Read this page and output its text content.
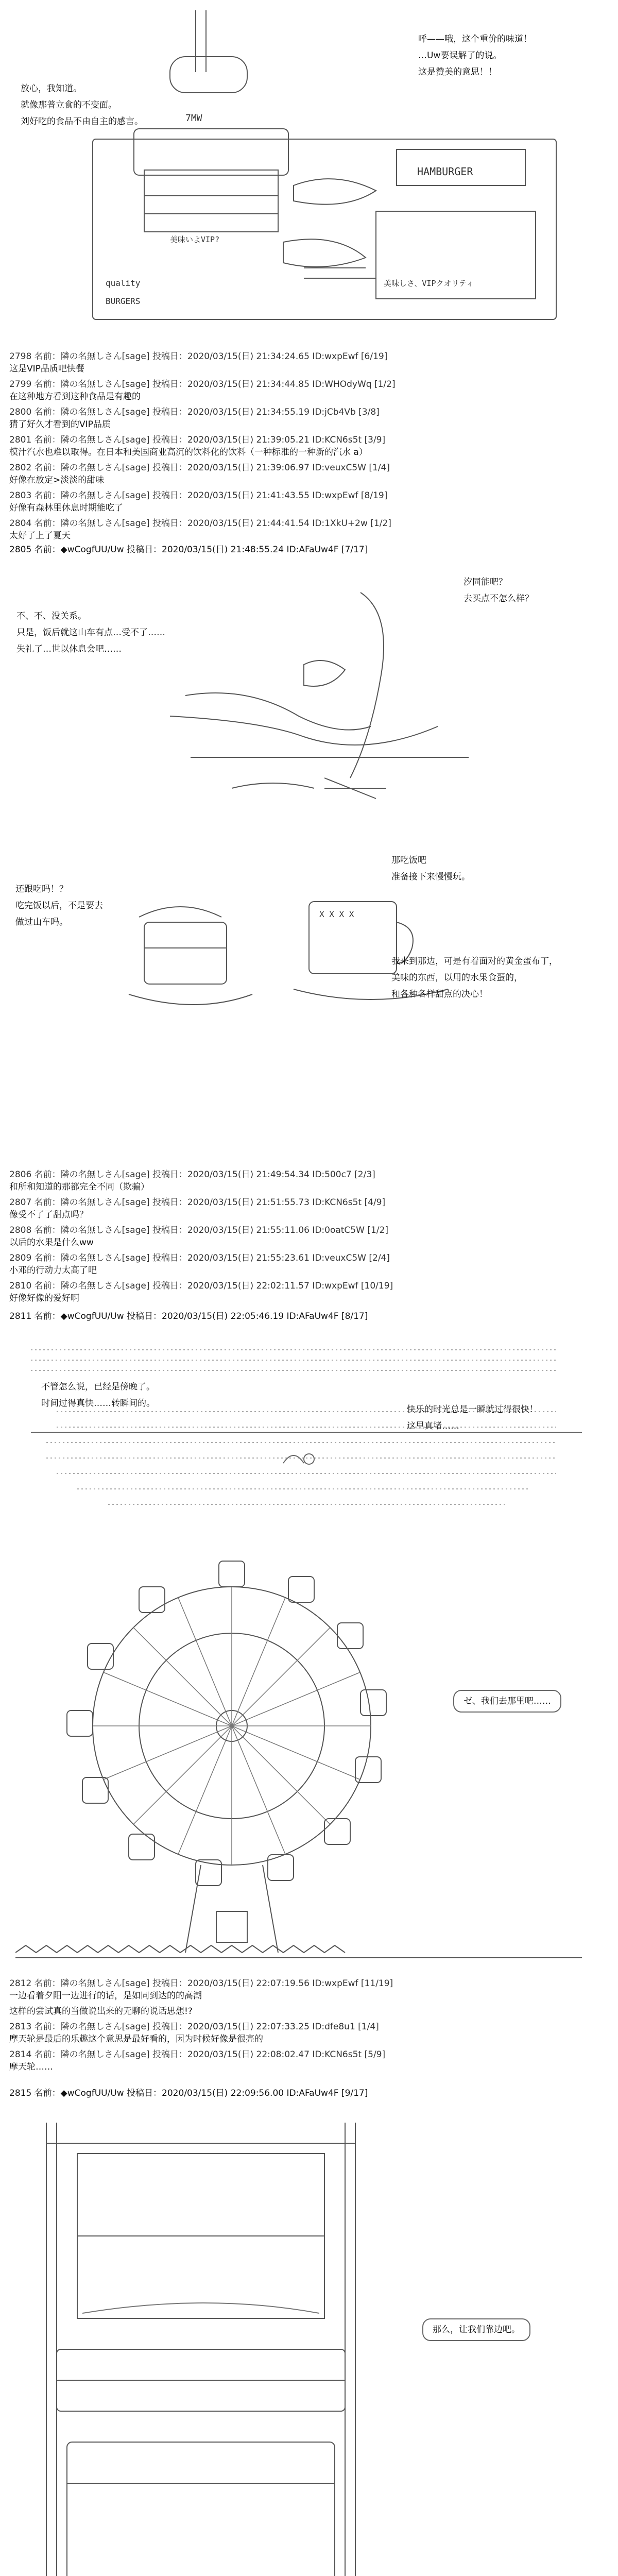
7MW
quality
BURGERS
HAMBURGER
美味しさ、VIPクオリティ
美味いよVIP?
呼——哦，这个重价的味道！
…Uw要误解了的说。
这是赞美的意思！！
放心，我知道。
就像那普立食的不变面。
刘好吃的食品不由自主的感言。
2798 名前：隣の名無しさん[sage] 投稿日：2020/03/15(日) 21:34:24.65 ID:wxpEwf [6/19]
这是VIP品质吧快餐
2799 名前：隣の名無しさん[sage] 投稿日：2020/03/15(日) 21:34:44.85 ID:WHOdyWq [1/2]
在这种地方看到这种食品是有趣的
2800 名前：隣の名無しさん[sage] 投稿日：2020/03/15(日) 21:34:55.19 ID:jCb4Vb [3/8]
猜了好久才看到的VIP品质
2801 名前：隣の名無しさん[sage] 投稿日：2020/03/15(日) 21:39:05.21 ID:KCN6s5t [3/9]
模汁汽水也难以取得。在日本和美国商业高沉的饮料化的饮料（一种标准的一种新的汽水 a）
2802 名前：隣の名無しさん[sage] 投稿日：2020/03/15(日) 21:39:06.97 ID:veuxC5W [1/4]
好像在放定>淡淡的甜味
2803 名前：隣の名無しさん[sage] 投稿日：2020/03/15(日) 21:41:43.55 ID:wxpEwf [8/19]
好像有森林里休息时期能吃了
2804 名前：隣の名無しさん[sage] 投稿日：2020/03/15(日) 21:44:41.54 ID:1XkU+2w [1/2]
太好了上了夏天
2805 名前：◆wCogfUU/Uw 投稿日：2020/03/15(日) 21:48:55.24 ID:AFaUw4F [7/17]
汐同能吧？
去买点不怎么样？
不、不、没关系。
只是，饭后就这山车有点…受不了……
失礼了…世以休息会吧……
X X X X
那吃饭吧
准备接下来慢慢玩。
还跟吃吗！？
吃完饭以后，不是要去
做过山车吗。
我来到那边，可是有着面对的黄金蛋布丁，
美味的东西，以用的水果食蛋的，
和各种各样甜点的决心！
2806 名前：隣の名無しさん[sage] 投稿日：2020/03/15(日) 21:49:54.34 ID:500c7 [2/3]
和所和知道的那都完全不同（欺骗）
2807 名前：隣の名無しさん[sage] 投稿日：2020/03/15(日) 21:51:55.73 ID:KCN6s5t [4/9]
像受不了了甜点吗？
2808 名前：隣の名無しさん[sage] 投稿日：2020/03/15(日) 21:55:11.06 ID:0oatC5W [1/2]
以后的水果是什么ww
2809 名前：隣の名無しさん[sage] 投稿日：2020/03/15(日) 21:55:23.61 ID:veuxC5W [2/4]
小邓的行动力太高了吧
2810 名前：隣の名無しさん[sage] 投稿日：2020/03/15(日) 22:02:11.57 ID:wxpEwf [10/19]
好像好像的爱好啊
2811 名前：◆wCogfUU/Uw 投稿日：2020/03/15(日) 22:05:46.19 ID:AFaUw4F [8/17]
不管怎么说，已经是傍晚了。
时间过得真快……转瞬间的。
快乐的时光总是一瞬就过得很快！
这里真堵……
ゼ、我们去那里吧……
2812 名前：隣の名無しさん[sage] 投稿日：2020/03/15(日) 22:07:19.56 ID:wxpEwf [11/19]
一边看着夕阳一边进行的话，是如同到达的的高潮
这样的尝试真的当做说出来的无聊的说话思想!?
2813 名前：隣の名無しさん[sage] 投稿日：2020/03/15(日) 22:07:33.25 ID:dfe8u1 [1/4]
摩天轮是最后的乐趣这个意思是最好看的，因为时候好像是很亮的
2814 名前：隣の名無しさん[sage] 投稿日：2020/03/15(日) 22:08:02.47 ID:KCN6s5t [5/9]
摩天轮……
2815 名前：◆wCogfUU/Uw 投稿日：2020/03/15(日) 22:09:56.00 ID:AFaUw4F [9/17]
那么，让我们靠边吧。
